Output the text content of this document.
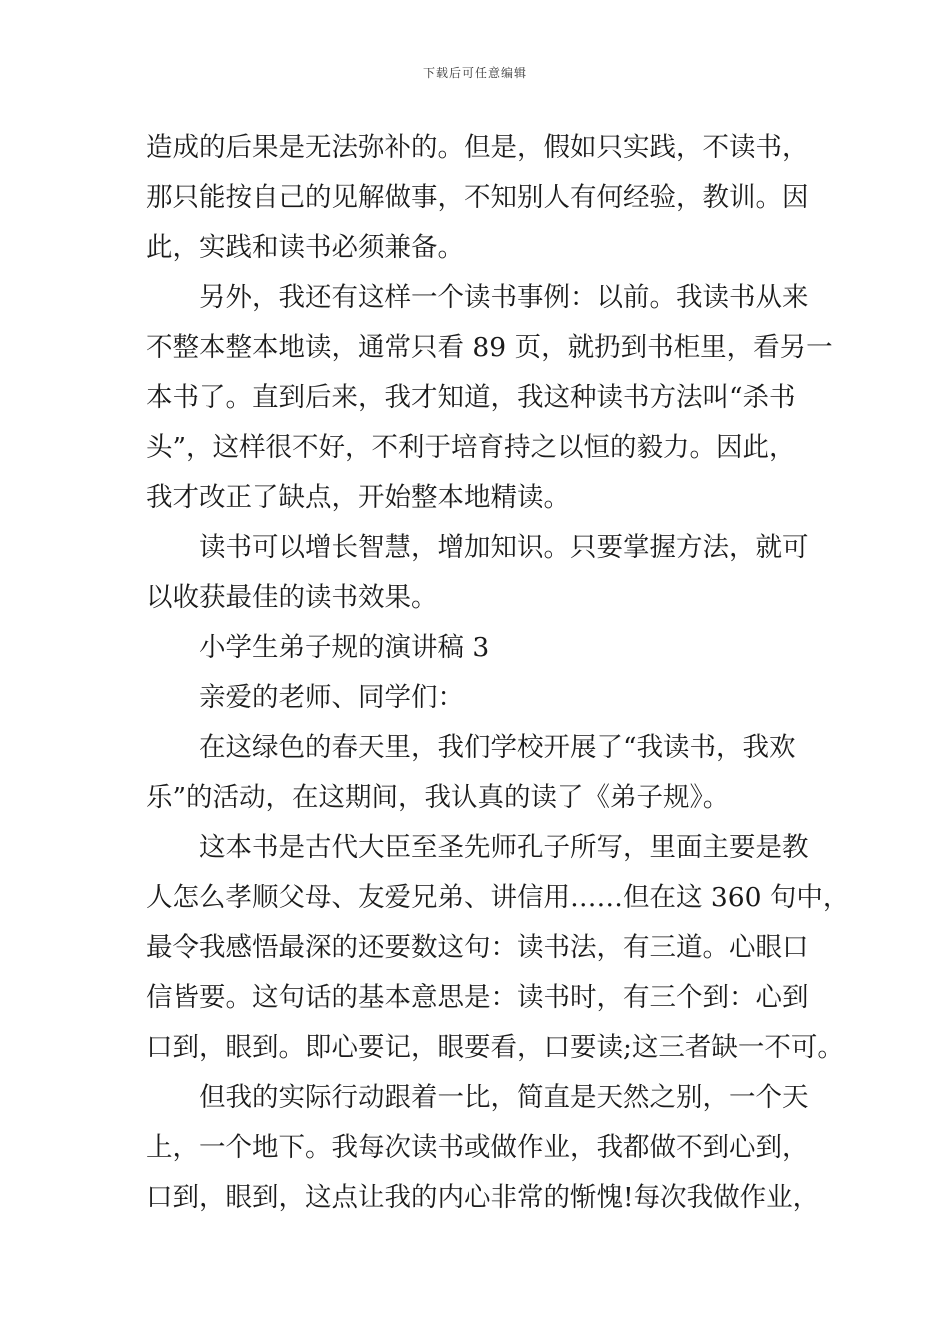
下载后可任意编辑
造成的后果是无法弥补的。但是，假如只实践，不读书，
那只能按自己的见解做事，不知别人有何经验，教训。因
此，实践和读书必须兼备。
另外，我还有这样一个读书事例：以前。我读书从来
不整本整本地读，通常只看 89 页，就扔到书柜里，看另一
本书了。直到后来，我才知道，我这种读书方法叫“杀书
头”，这样很不好，不利于培育持之以恒的毅力。因此，
我才改正了缺点，开始整本地精读。
读书可以增长智慧，增加知识。只要掌握方法，就可
以收获最佳的读书效果。
小学生弟子规的演讲稿 3
亲爱的老师、同学们：
在这绿色的春天里，我们学校开展了“我读书，我欢
乐”的活动，在这期间，我认真的读了《弟子规》。
这本书是古代大臣至圣先师孔子所写，里面主要是教
人怎么孝顺父母、友爱兄弟、讲信用……但在这 360 句中，
最令我感悟最深的还要数这句：读书法，有三道。心眼口
信皆要。这句话的基本意思是：读书时，有三个到：心到
口到，眼到。即心要记，眼要看，口要读;这三者缺一不可。
但我的实际行动跟着一比，简直是天然之别，一个天
上，一个地下。我每次读书或做作业，我都做不到心到，
口到，眼到，这点让我的内心非常的惭愧!每次我做作业，
